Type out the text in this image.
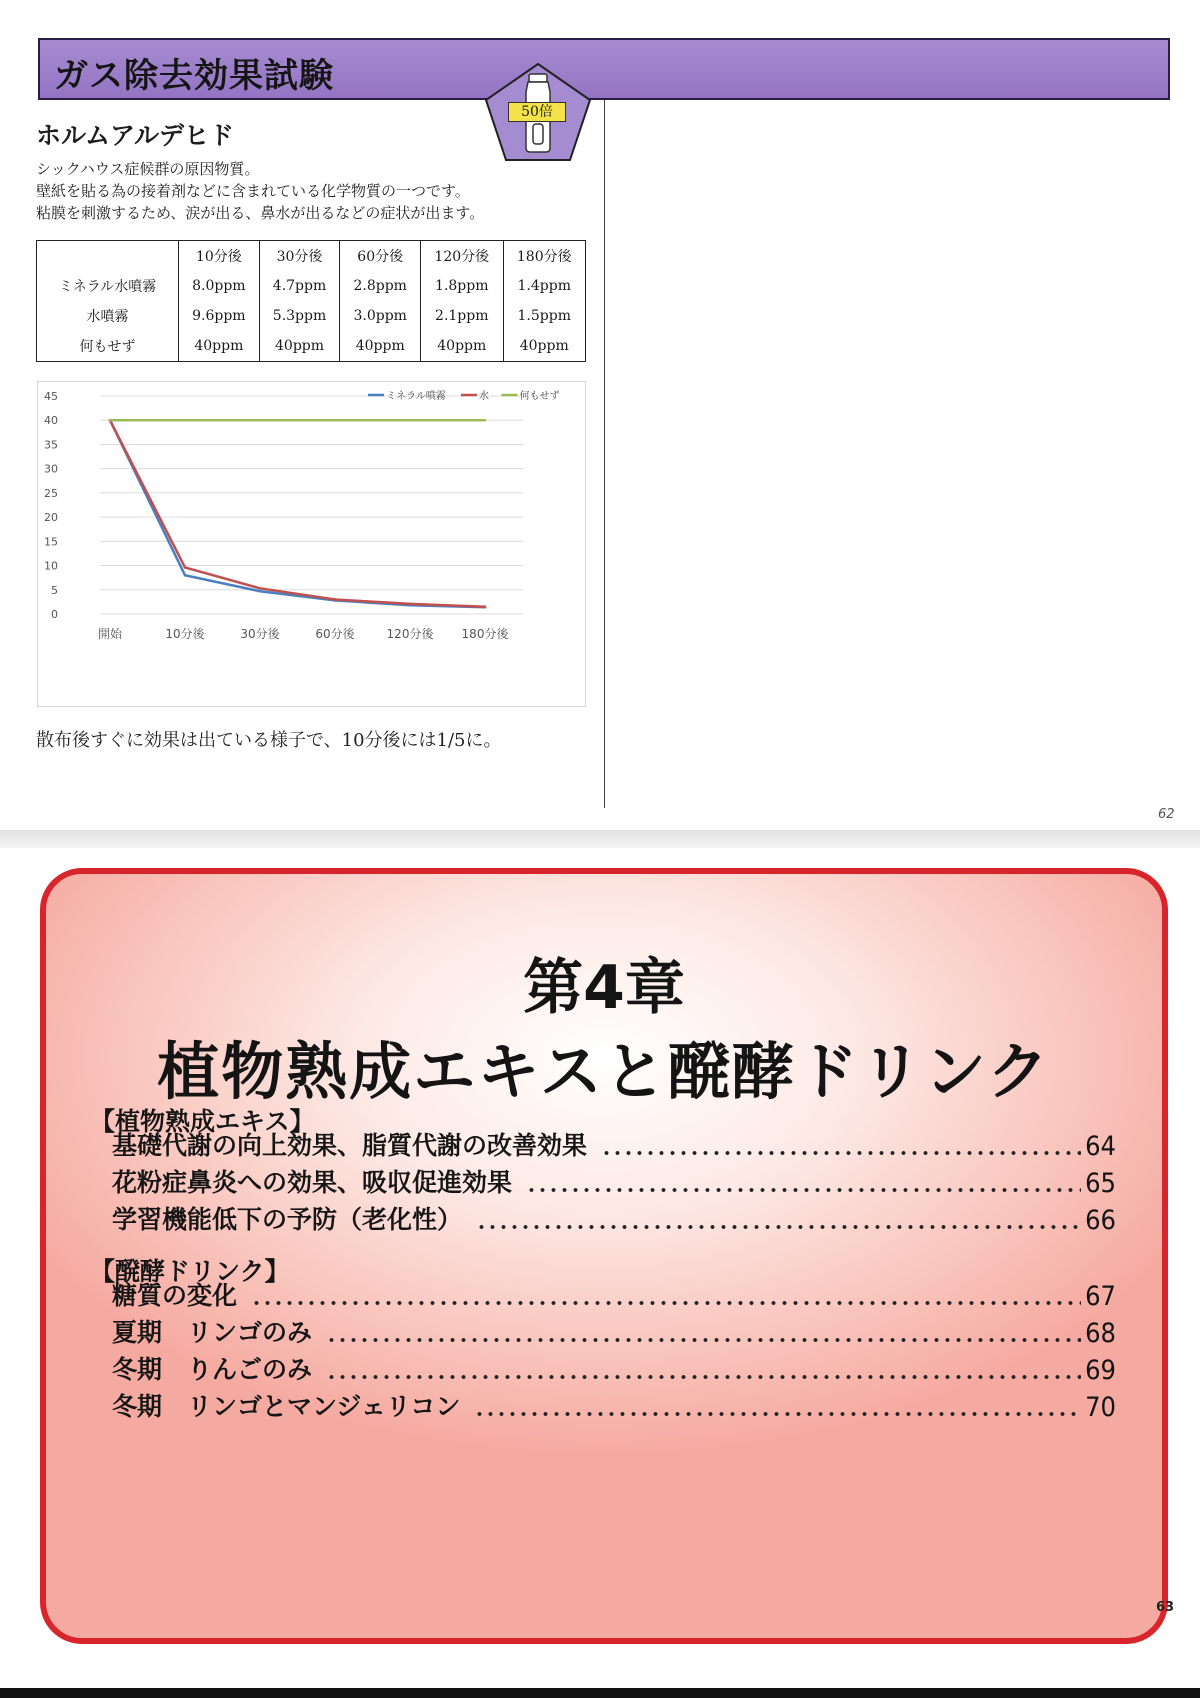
ガス除去効果試験
50倍
ホルムアルデヒド
シックハウス症候群の原因物質。
壁紙を貼る為の接着剤などに含まれている化学物質の一つです。
粘膜を刺激するため、涙が出る、鼻水が出るなどの症状が出ます。
	10分後	30分後	60分後	120分後	180分後
ミネラル水噴霧	8.0ppm	4.7ppm	2.8ppm	1.8ppm	1.4ppm
水噴霧	9.6ppm	5.3ppm	3.0ppm	2.1ppm	1.5ppm
何もせず	40ppm	40ppm	40ppm	40ppm	40ppm
0
5
10
15
20
25
30
35
40
45
開始	10分後	30分後	60分後	120分後 180分後
ミネラル噴霧	水	何もせず
散布後すぐに効果は出ている様子で、10分後には1/5に。
62
第4章
植物熟成エキスと醗酵ドリンク
【植物熟成エキス】
基礎代謝の向上効果、脂質代謝の改善効果	64
花粉症鼻炎への効果、吸収促進効果	65
学習機能低下の予防（老化性）	66
【醗酵ドリンク】
糖質の変化	67
夏期　リンゴのみ	68
冬期　りんごのみ	69
冬期　リンゴとマンジェリコン	70
63
